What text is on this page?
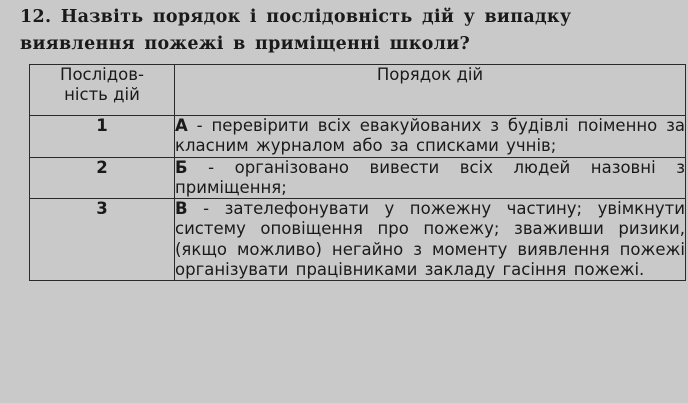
12. Назвіть порядок і послідовність дій у випадку
виявлення пожежі в приміщенні школи?
Послідов-
ність дій	Порядок дій
1	А - перевірити всіх евакуйованих з будівлі поіменно за класним журналом або за списками учнів;
2	Б - організовано вивести всіх людей назовні з приміщення;
3	В - зателефонувати у пожежну частину; увімкнути систему оповіщення про пожежу; зваживши ризики, (якщо можливо) негайно з моменту виявлення пожежі організувати працівниками закладу гасіння пожежі.
